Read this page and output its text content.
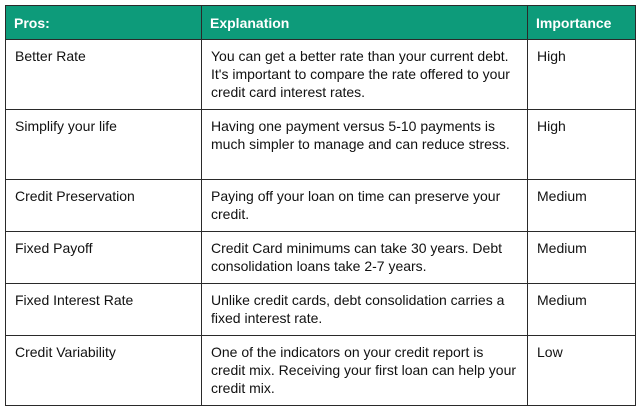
Pros:	Explanation	Importance
Better Rate	You can get a better rate than your current debt. It's important to compare the rate offered to your credit card interest rates.	High
Simplify your life	Having one payment versus 5-10 payments is much simpler to manage and can reduce stress.	High
Credit Preservation	Paying off your loan on time can preserve your credit.	Medium
Fixed Payoff	Credit Card minimums can take 30 years. Debt consolidation loans take 2-7 years.	Medium
Fixed Interest Rate	Unlike credit cards, debt consolidation carries a fixed interest rate.	Medium
Credit Variability	One of the indicators on your credit report is credit mix. Receiving your first loan can help your credit mix.	Low
